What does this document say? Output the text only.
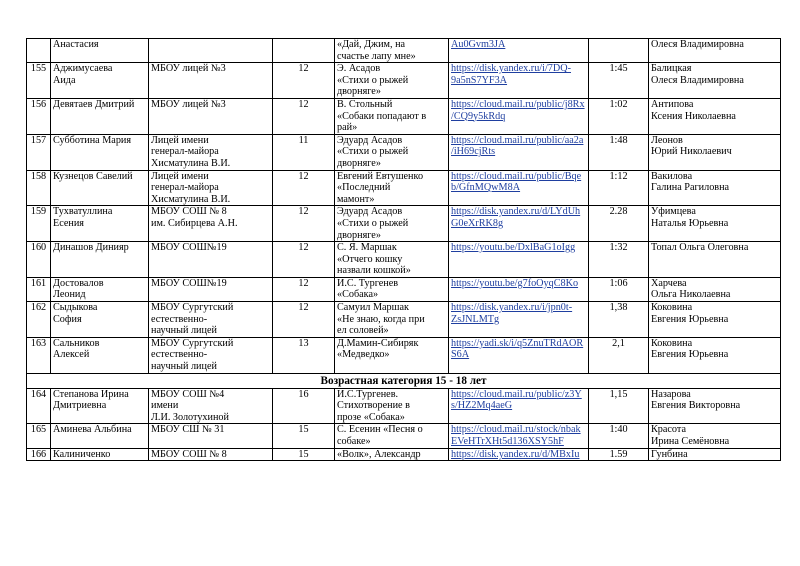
	Анастасия			«Дай, Джим, на
счастье лапу мне»	Au0Gvm3JA		Олеся Владимировна
155	Аджимусаева
Аида	МБОУ лицей №3	12	Э. Асадов
«Стихи о рыжей
дворняге»	https://disk.yandex.ru/i/7DQ-
9a5nS7YF3A	1:45	Балицкая
Олеся Владимировна
156	Девятаев Дмитрий	МБОУ лицей №3	12	В. Стольный
«Собаки попадают в
рай»	https://cloud.mail.ru/public/j8Rx
/CQ9y5kRdq	1:02	Антипова
Ксения Николаевна
157	Субботина Мария	Лицей имени
генерал-майора
Хисматулина В.И.	11	Эдуард Асадов
«Стихи о рыжей
дворняге»	https://cloud.mail.ru/public/aa2a
/iH69cjRts	1:48	Леонов
Юрий Николаевич
158	Кузнецов Савелий	Лицей имени
генерал-майора
Хисматулина В.И.	12	Евгений Евтушенко
«Последний
мамонт»	https://cloud.mail.ru/public/Bqe
b/GfnMQwM8A	1:12	Вакилова
Галина Рагиловна
159	Тухватуллина
Есения	МБОУ СОШ № 8
им. Сибирцева А.Н.	12	Эдуард Асадов
«Стихи о рыжей
дворняге»	https://disk.yandex.ru/d/LYdUh
G0eXrRK8g	2.28	Уфимцева
Наталья Юрьевна
160	Динашов Динияр	МБОУ СОШ№19	12	С. Я. Маршак
«Отчего кошку
назвали кошкой»	https://youtu.be/DxlBaG1oIgg	1:32	Топал Ольга Олеговна
161	Достовалов
Леонид	МБОУ СОШ№19	12	И.С. Тургенев
«Собака»	https://youtu.be/g7foOyqC8Ko	1:06	Харчева
Ольга Николаевна
162	Сыдыкова
София	МБОУ Сургутский
естественно-
научный лицей	12	Самуил Маршак
«Не знаю, когда при
ел соловей»	https://disk.yandex.ru/i/jpn0t-
ZsJNLMTg	1,38	Коковина
Евгения Юрьевна
163	Сальников
Алексей	МБОУ Сургутский
естественно-
научный лицей	13	Д.Мамин-Сибиряк
«Медведко»	https://yadi.sk/i/q5ZnuTRdAOR
S6A	2,1	Коковина
Евгения Юрьевна
Возрастная категория 15 - 18 лет							
164	Степанова Ирина
Дмитриевна	МБОУ СОШ №4
имени
Л.И. Золотухиной	16	И.С.Тургенев.
Стихотворение в
прозе «Собака»	https://cloud.mail.ru/public/z3Y
s/HZ2Mq4aeG	1,15	Назарова
Евгения Викторовна
165	Аминева Альбина	МБОУ СШ № 31	15	С. Есенин «Песня о
собаке»	https://cloud.mail.ru/stock/nbak
EVeHTrXHt5d136XSY5hF	1:40	Красота
Ирина Семёновна
166	Калиниченко	МБОУ СОШ № 8	15	«Волк», Александр	https://disk.yandex.ru/d/MBxIu	1.59	Гунбина
